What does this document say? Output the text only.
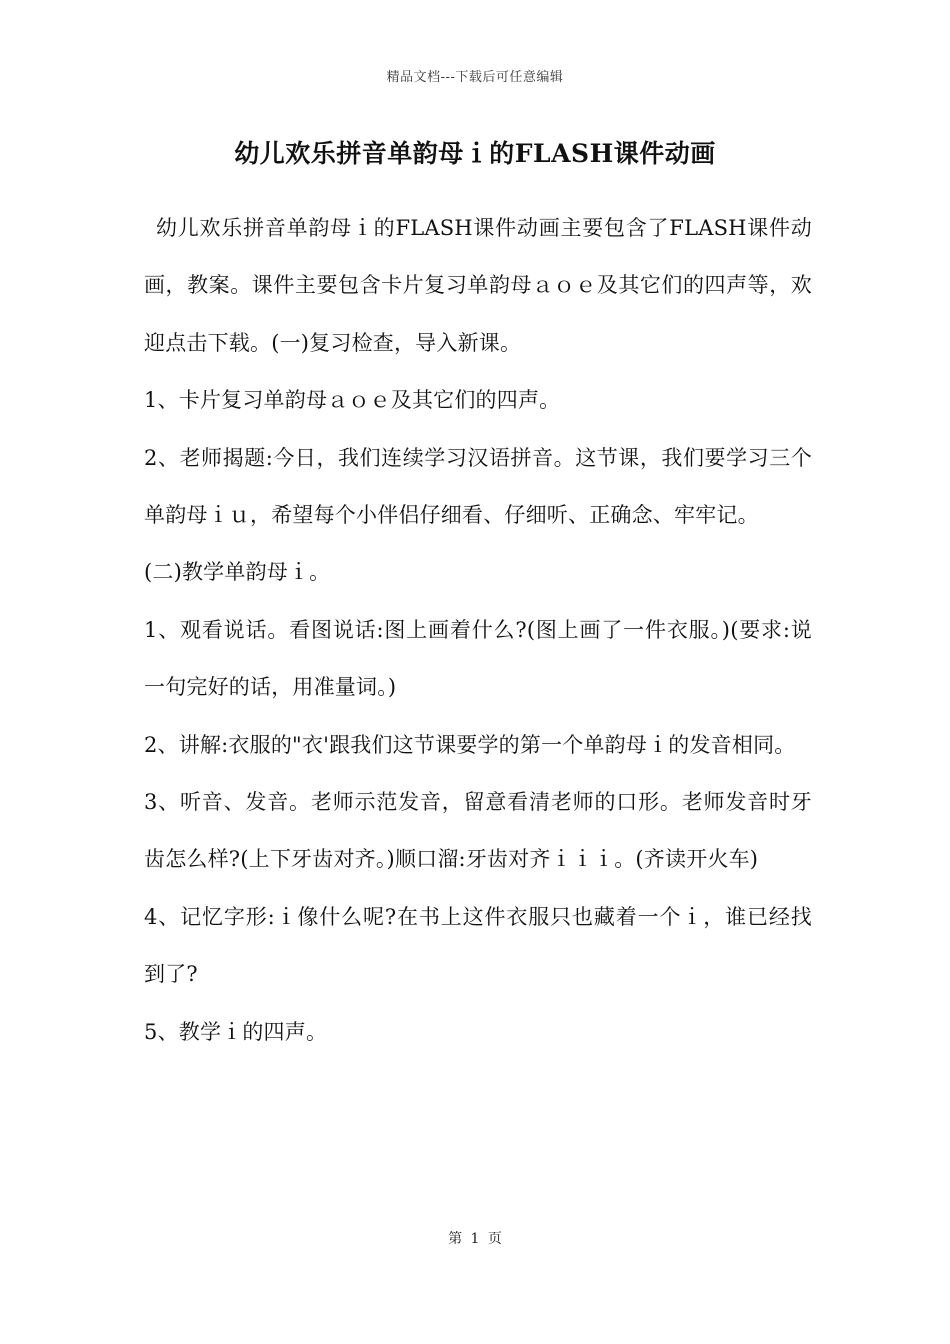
精品文档---下载后可任意编辑
幼儿欢乐拼音单韵母ｉ的FLASH课件动画

幼儿欢乐拼音单韵母ｉ的FLASH课件动画主要包含了FLASH课件动画，教案。课件主要包含卡片复习单韵母ａｏｅ及其它们的四声等，欢迎点击下载。(一)复习检查，导入新课。

1、卡片复习单韵母ａｏｅ及其它们的四声。

2、老师揭题:今日，我们连续学习汉语拼音。这节课，我们要学习三个单韵母ｉｕ，希望每个小伴侣仔细看、仔细听、正确念、牢牢记。

(二)教学单韵母ｉ。

1、观看说话。看图说话:图上画着什么?(图上画了一件衣服。)(要求:说一句完好的话，用准量词。)

2、讲解:衣服的"衣'跟我们这节课要学的第一个单韵母ｉ的发音相同。

3、听音、发音。老师示范发音，留意看清老师的口形。老师发音时牙齿怎么样?(上下牙齿对齐。)顺口溜:牙齿对齐ｉｉｉ。(齐读开火车)

4、记忆字形:ｉ像什么呢?在书上这件衣服只也藏着一个ｉ，谁已经找到了?

5、教学ｉ的四声。

第 1 页
